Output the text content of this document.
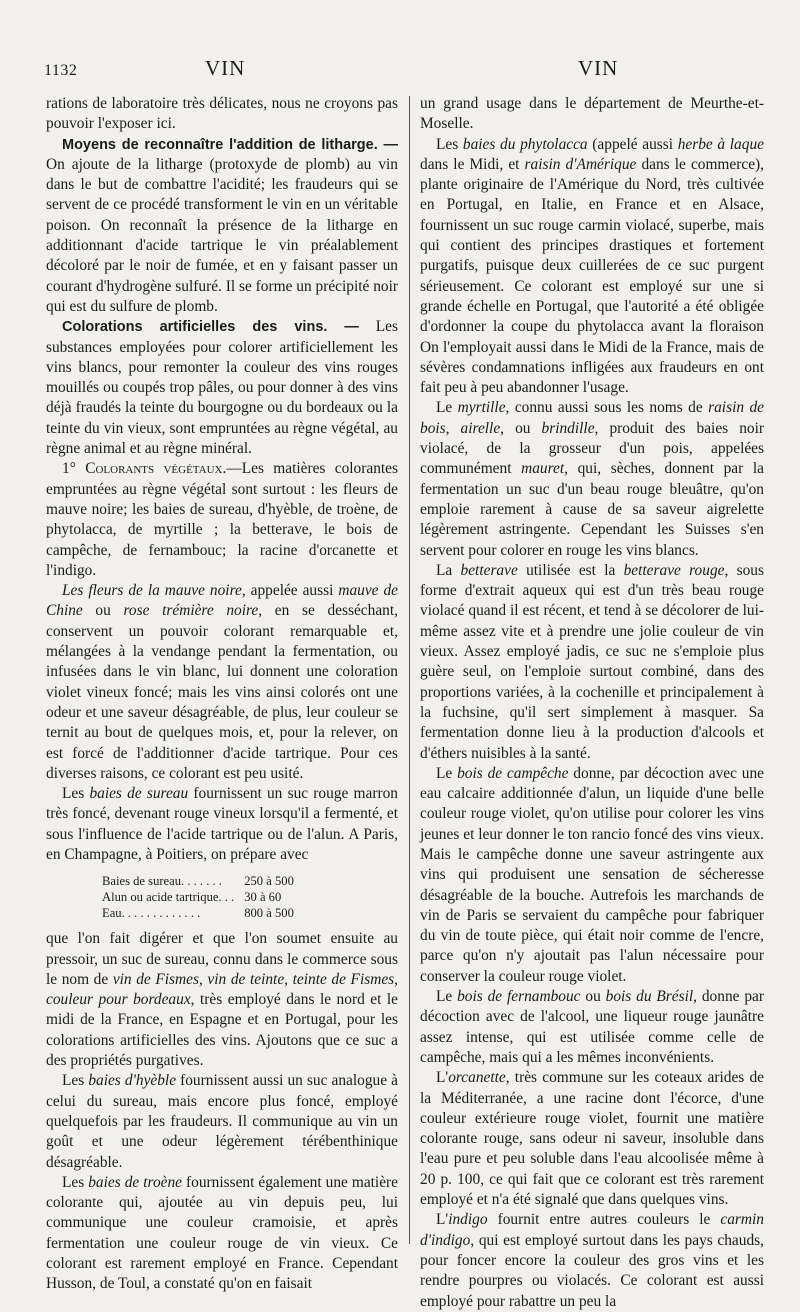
1132	VIN	VIN

rations de laboratoire très délicates, nous ne croyons pas pouvoir l'exposer ici.

Moyens de reconnaître l'addition de litharge. — On ajoute de la litharge (protoxyde de plomb) au vin dans le but de combattre l'acidité; les fraudeurs qui se servent de ce procédé transforment le vin en un véritable poison. On reconnaît la présence de la litharge en additionnant d'acide tartrique le vin préalablement décoloré par le noir de fumée, et en y faisant passer un courant d'hydrogène sulfuré. Il se forme un précipité noir qui est du sulfure de plomb.

Colorations artificielles des vins. — Les substances employées pour colorer artificiellement les vins blancs, pour remonter la couleur des vins rouges mouillés ou coupés trop pâles, ou pour donner à des vins déjà fraudés la teinte du bourgogne ou du bordeaux ou la teinte du vin vieux, sont empruntées au règne végétal, au règne animal et au règne minéral.

1° Colorants végétaux.—Les matières colorantes empruntées au règne végétal sont surtout : les fleurs de mauve noire; les baies de sureau, d'hyèble, de troène, de phytolacca, de myrtille ; la betterave, le bois de campêche, de fernambouc; la racine d'orcanette et l'indigo.

Les fleurs de la mauve noire, appelée aussi mauve de Chine ou rose trémière noire, en se desséchant, conservent un pouvoir colorant remarquable et, mélangées à la vendange pendant la fermentation, ou infusées dans le vin blanc, lui donnent une coloration violet vineux foncé; mais les vins ainsi colorés ont une odeur et une saveur désagréable, de plus, leur couleur se ternit au bout de quelques mois, et, pour la relever, on est forcé de l'additionner d'acide tartrique. Pour ces diverses raisons, ce colorant est peu usité.

Les baies de sureau fournissent un suc rouge marron très foncé, devenant rouge vineux lorsqu'il a fermenté, et sous l'influence de l'acide tartrique ou de l'alun. A Paris, en Champagne, à Poitiers, on prépare avec

Baies de sureau. . . . . . .	250 à 500
Alun ou acide tartrique. . .	30 à 60
Eau. . . . . . . . . . . . .	800 à 500

que l'on fait digérer et que l'on soumet ensuite au pressoir, un suc de sureau, connu dans le commerce sous le nom de vin de Fismes, vin de teinte, teinte de Fismes, couleur pour bordeaux, très employé dans le nord et le midi de la France, en Espagne et en Portugal, pour les colorations artificielles des vins. Ajoutons que ce suc a des propriétés purgatives.

Les baies d'hyèble fournissent aussi un suc analogue à celui du sureau, mais encore plus foncé, employé quelquefois par les fraudeurs. Il communique au vin un goût et une odeur légèrement térébenthinique désagréable.

Les baies de troène fournissent également une matière colorante qui, ajoutée au vin depuis peu, lui communique une couleur cramoisie, et après fermentation une couleur rouge de vin vieux. Ce colorant est rarement employé en France. Cependant Husson, de Toul, a constaté qu'on en faisait

un grand usage dans le département de Meurthe-et-Moselle.

Les baies du phytolacca (appelé aussi herbe à laque dans le Midi, et raisin d'Amérique dans le commerce), plante originaire de l'Amérique du Nord, très cultivée en Portugal, en Italie, en France et en Alsace, fournissent un suc rouge carmin violacé, superbe, mais qui contient des principes drastiques et fortement purgatifs, puisque deux cuillerées de ce suc purgent sérieusement. Ce colorant est employé sur une si grande échelle en Portugal, que l'autorité a été obligée d'ordonner la coupe du phytolacca avant la floraison On l'employait aussi dans le Midi de la France, mais de sévères condamnations infligées aux fraudeurs en ont fait peu à peu abandonner l'usage.

Le myrtille, connu aussi sous les noms de raisin de bois, airelle, ou brindille, produit des baies noir violacé, de la grosseur d'un pois, appelées communément mauret, qui, sèches, donnent par la fermentation un suc d'un beau rouge bleuâtre, qu'on emploie rarement à cause de sa saveur aigrelette légèrement astringente. Cependant les Suisses s'en servent pour colorer en rouge les vins blancs.

La betterave utilisée est la betterave rouge, sous forme d'extrait aqueux qui est d'un très beau rouge violacé quand il est récent, et tend à se décolorer de lui-même assez vite et à prendre une jolie couleur de vin vieux. Assez employé jadis, ce suc ne s'emploie plus guère seul, on l'emploie surtout combiné, dans des proportions variées, à la cochenille et principalement à la fuchsine, qu'il sert simplement à masquer. Sa fermentation donne lieu à la production d'alcools et d'éthers nuisibles à la santé.

Le bois de campêche donne, par décoction avec une eau calcaire additionnée d'alun, un liquide d'une belle couleur rouge violet, qu'on utilise pour colorer les vins jeunes et leur donner le ton rancio foncé des vins vieux. Mais le campêche donne une saveur astringente aux vins qui produisent une sensation de sécheresse désagréable de la bouche. Autrefois les marchands de vin de Paris se servaient du campêche pour fabriquer du vin de toute pièce, qui était noir comme de l'encre, parce qu'on n'y ajoutait pas l'alun nécessaire pour conserver la couleur rouge violet.

Le bois de fernambouc ou bois du Brésil, donne par décoction avec de l'alcool, une liqueur rouge jaunâtre assez intense, qui est utilisée comme celle de campêche, mais qui a les mêmes inconvénients.

L'orcanette, très commune sur les coteaux arides de la Méditerranée, a une racine dont l'écorce, d'une couleur extérieure rouge violet, fournit une matière colorante rouge, sans odeur ni saveur, insoluble dans l'eau pure et peu soluble dans l'eau alcoolisée même à 20 p. 100, ce qui fait que ce colorant est très rarement employé et n'a été signalé que dans quelques vins.

L'indigo fournit entre autres couleurs le carmin d'indigo, qui est employé surtout dans les pays chauds, pour foncer encore la couleur des gros vins et les rendre pourpres ou violacés. Ce colorant est aussi employé pour rabattre un peu la
